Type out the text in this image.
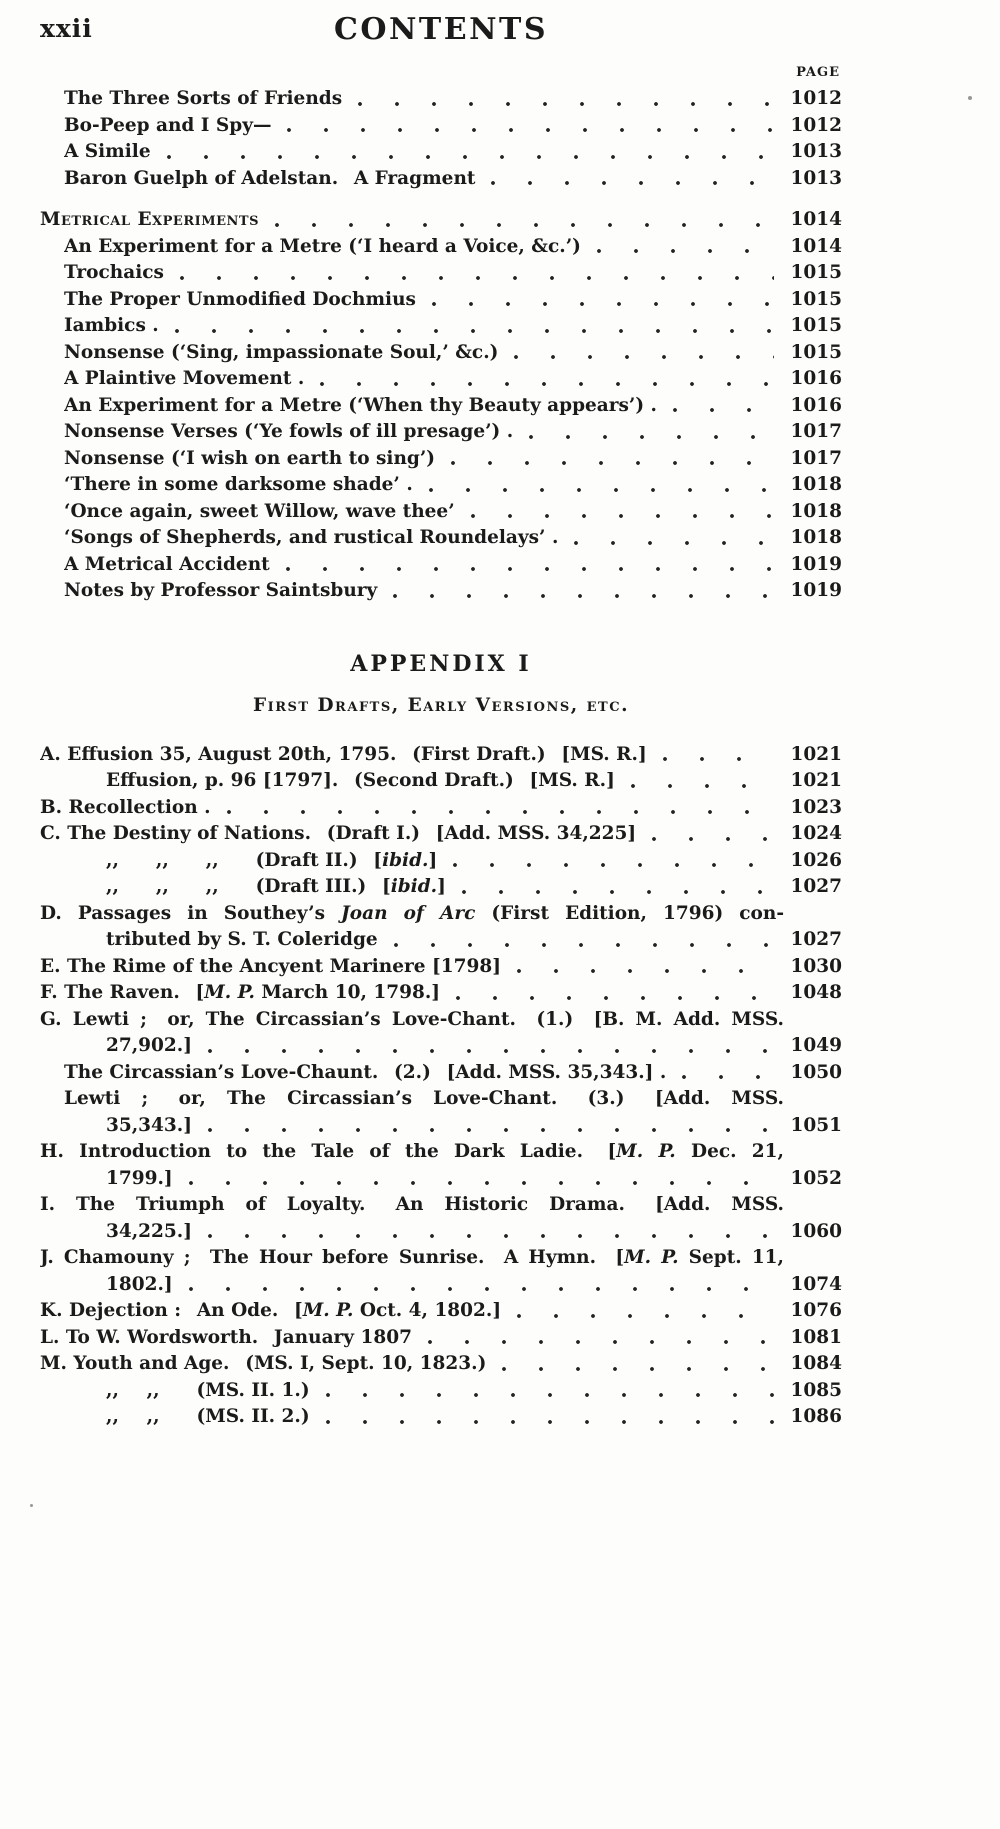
xxii	CONTENTS
PAGE
The Three Sorts of Friends	1012
Bo-Peep and I Spy—	1012
A Simile	1013
Baron Guelph of Adelstan.  A Fragment	1013
Metrical Experiments	1014
An Experiment for a Metre (‘I heard a Voice, &c.’)	1014
Trochaics	1015
The Proper Unmodified Dochmius	1015
Iambics .	1015
Nonsense (‘Sing, impassionate Soul,’ &c.)	1015
A Plaintive Movement .	1016
An Experiment for a Metre (‘When thy Beauty appears’) .	1016
Nonsense Verses (‘Ye fowls of ill presage’) .	1017
Nonsense (‘I wish on earth to sing’)	1017
‘There in some darksome shade’ .	1018
‘Once again, sweet Willow, wave thee’	1018
‘Songs of Shepherds, and rustical Roundelays’ .	1018
A Metrical Accident	1019
Notes by Professor Saintsbury	1019
APPENDIX I
First Drafts, Early Versions, etc.
A. Effusion 35, August 20th, 1795.  (First Draft.)  [MS. R.]	1021
Effusion, p. 96 [1797].  (Second Draft.)  [MS. R.]	1021
B. Recollection .	1023
C. The Destiny of Nations.  (Draft I.)  [Add. MSS. 34,225]	1024
,,   ,,   ,,   (Draft II.)  [ibid.]	1026
,,   ,,   ,,   (Draft III.)  [ibid.]	1027
D. Passages in Southey’s Joan of Arc (First Edition, 1796) con-
tributed by S. T. Coleridge	1027
E. The Rime of the Ancyent Marinere [1798]	1030
F. The Raven.  [M. P. March 10, 1798.]	1048
G. Lewti ;  or, The Circassian’s Love-Chant.  (1.)  [B. M. Add. MSS.
27,902.]	1049
The Circassian’s Love-Chaunt.  (2.)  [Add. MSS. 35,343.] .	1050
Lewti ;  or, The Circassian’s Love-Chant.  (3.)  [Add. MSS.
35,343.]	1051
H. Introduction to the Tale of the Dark Ladie.  [M. P. Dec. 21,
1799.]	1052
I. The Triumph of Loyalty.  An Historic Drama.  [Add. MSS.
34,225.]	1060
J. Chamouny ;  The Hour before Sunrise.  A Hymn.  [M. P. Sept. 11,
1802.]	1074
K. Dejection :  An Ode.  [M. P. Oct. 4, 1802.]	1076
L. To W. Wordsworth.  January 1807	1081
M. Youth and Age.  (MS. I, Sept. 10, 1823.)	1084
,,  ,,   (MS. II. 1.)	1085
,,  ,,   (MS. II. 2.)	1086
